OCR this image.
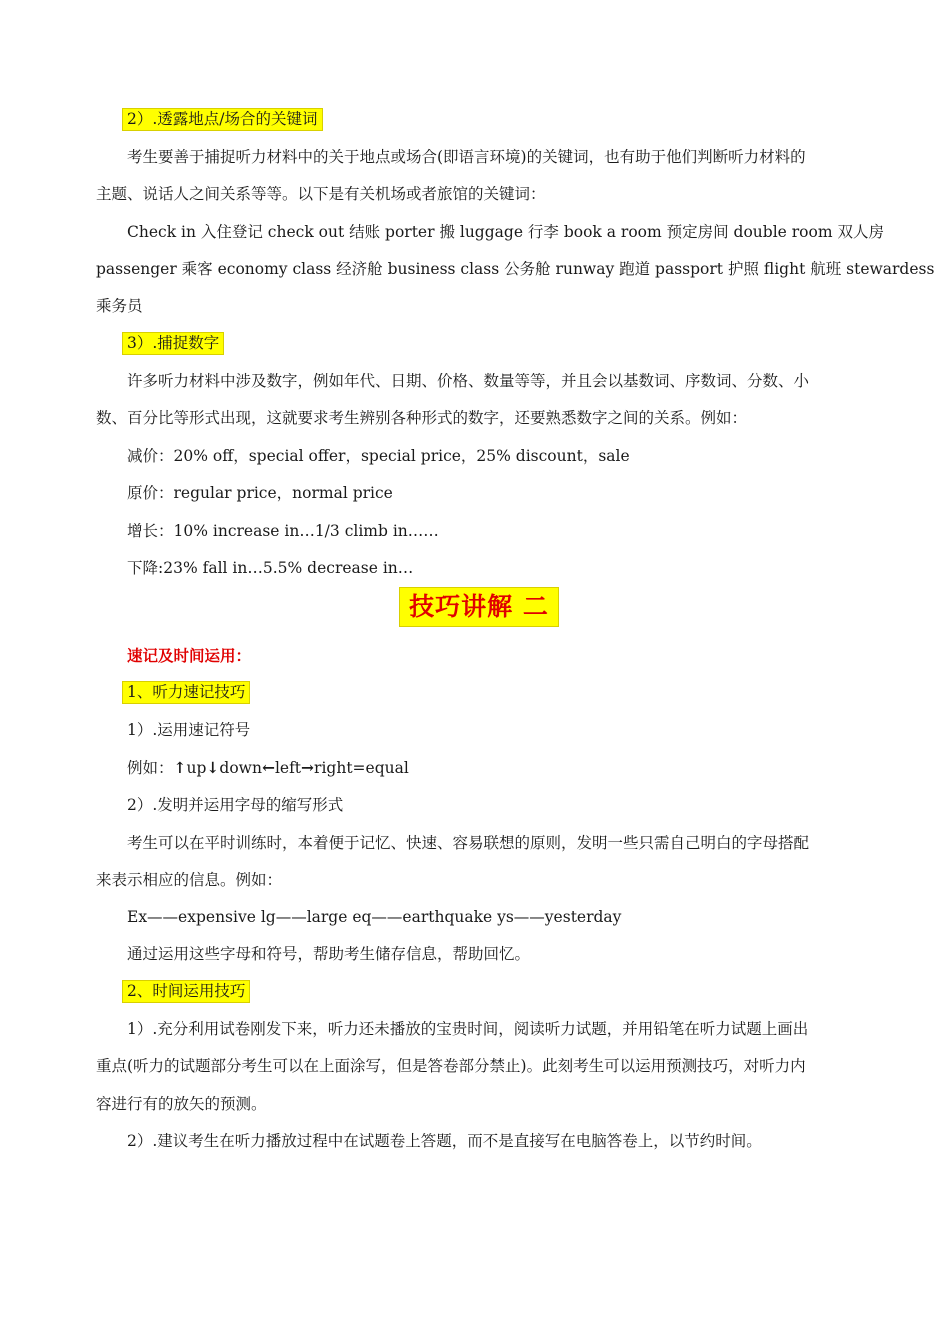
2）.透露地点/场合的关键词
考生要善于捕捉听力材料中的关于地点或场合(即语言环境)的关键词，也有助于他们判断听力材料的
主题、说话人之间关系等等。以下是有关机场或者旅馆的关键词：
Check in 入住登记 check out 结账 porter 搬 luggage 行李 book a room 预定房间 double room 双人房
passenger 乘客 economy class 经济舱 business class 公务舱 runway 跑道 passport 护照 flight 航班 stewardess
乘务员
3）.捕捉数字
许多听力材料中涉及数字，例如年代、日期、价格、数量等等，并且会以基数词、序数词、分数、小
数、百分比等形式出现，这就要求考生辨别各种形式的数字，还要熟悉数字之间的关系。例如：
减价：20% off，special offer，special price，25% discount，sale
原价：regular price，normal price
增长：10% increase in…1/3 climb in……
下降:23% fall in…5.5% decrease in…
技巧讲解 二
速记及时间运用：
1、听力速记技巧
1）.运用速记符号
例如：↑up↓down←left→right=equal
2）.发明并运用字母的缩写形式
考生可以在平时训练时，本着便于记忆、快速、容易联想的原则，发明一些只需自己明白的字母搭配
来表示相应的信息。例如：
Ex——expensive lg——large eq——earthquake ys——yesterday
通过运用这些字母和符号，帮助考生储存信息，帮助回忆。
2、时间运用技巧
1）.充分利用试卷刚发下来，听力还未播放的宝贵时间，阅读听力试题，并用铅笔在听力试题上画出
重点(听力的试题部分考生可以在上面涂写，但是答卷部分禁止)。此刻考生可以运用预测技巧，对听力内
容进行有的放矢的预测。
2）.建议考生在听力播放过程中在试题卷上答题，而不是直接写在电脑答卷上，以节约时间。
